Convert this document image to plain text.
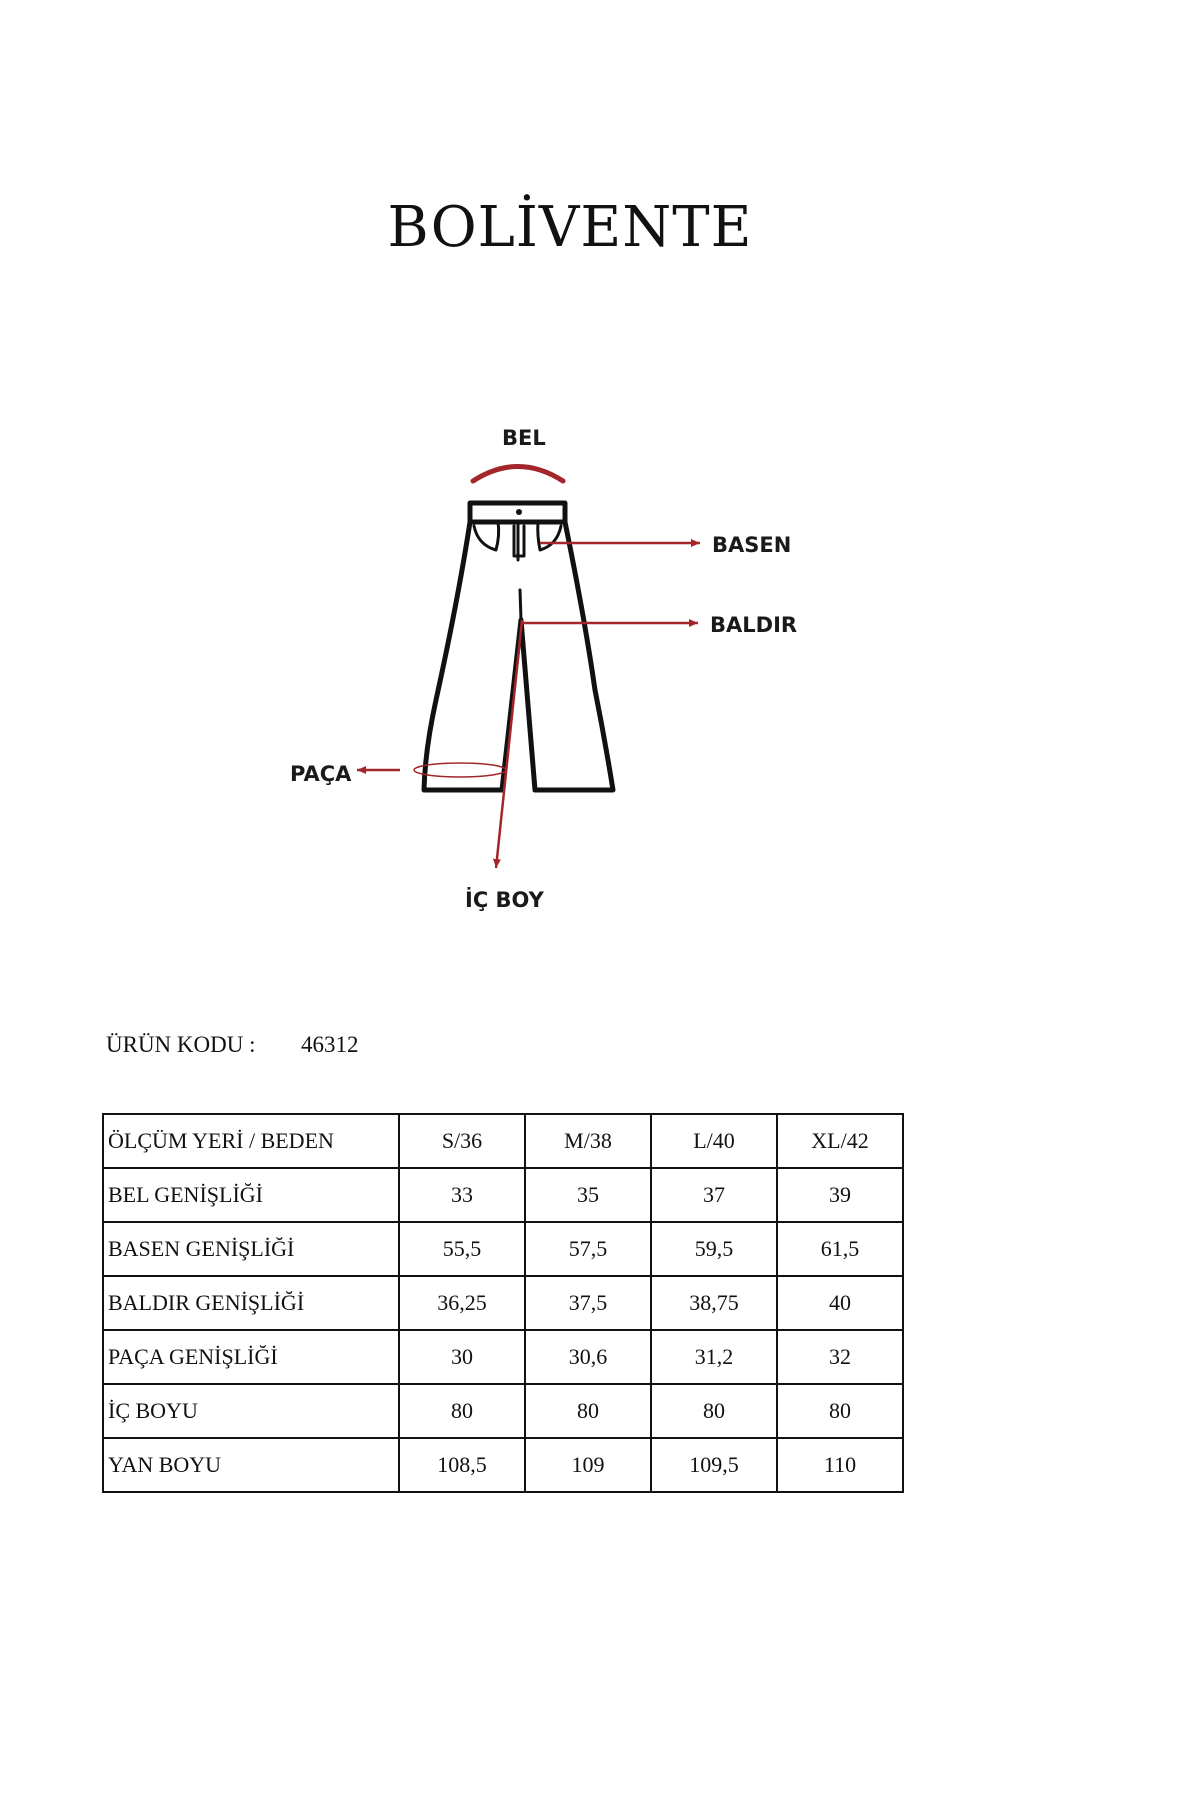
BOLİVENTE
BEL
BASEN
BALDIR
PAÇA
İÇ BOY
ÜRÜN KODU : 46312
ÖLÇÜM YERİ / BEDEN	S/36	M/38	L/40	XL/42
BEL GENİŞLİĞİ	33	35	37	39
BASEN GENİŞLİĞİ	55,5	57,5	59,5	61,5
BALDIR GENİŞLİĞİ	36,25	37,5	38,75	40
PAÇA GENİŞLİĞİ	30	30,6	31,2	32
İÇ BOYU	80	80	80	80
YAN BOYU	108,5	109	109,5	110
